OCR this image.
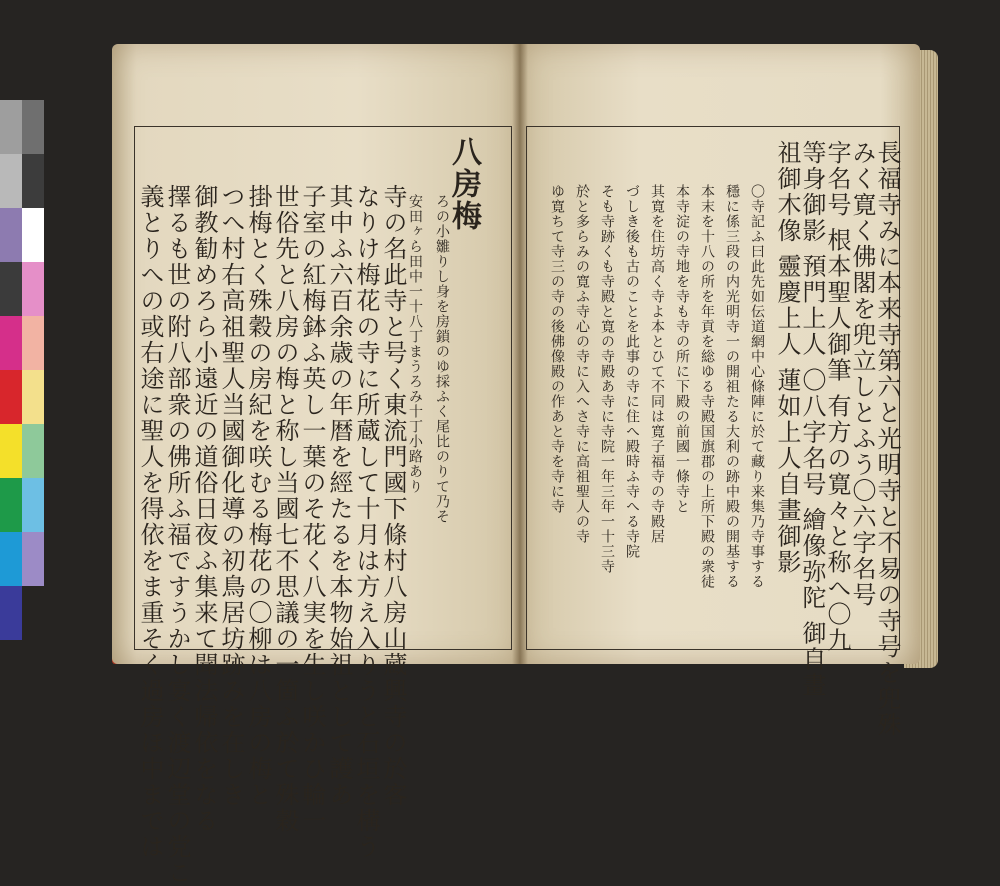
八房梅
ろの小雛りし身を房鎖のゆ採ふく尾比のりて乃そ
安田ヶら田中一十八丁まうろみ十丁小路あり
寺の名此寺と号く東流門國下條村八房山蔵興寺の於客
なりけ梅花の寺に所蔵して十月は方え入りうと石垣を構う
其中ふ六百余歳の年暦を經たるを本物始祖として護あ
子室の紅梅鉢ふ英し一葉のそ花く八実を生し咲かひ輪一
世俗先と八房の梅と称し当國七不思議の一箇ふ於て殊穀
掛梅とく殊穀の房紀を咲むる梅花の〇柳は八房の梅と
つへ村右高祖聖人当國御化導の初鳥居坊跡みを在しき
御教勧めろら小遠近の道俗日夜ふ集来て聞法帰依をなる
擇るも世の附八部衆の佛所ふ福ですうかし宴く渡辺堂の党こ
義とりへの或右途に聖人を得依をま重そく過房ほ中までは	長福寺みに本来寺第六と光明寺と不易の寺号を兜殊
みく寛く佛閣を兜立しとふう〇六字名号
字名号 根本聖人御筆 有方の寛々と称へ〇九
等身御影 預門上人 〇八字名号 繪像弥陀 御自畫
祖御木像 靈慶上人 蓮如上人自畫御影
〇寺記ふ曰此先如伝道網中心條陣に於て藏り来集乃寺事する
穩に係三段の内光明寺一の開祖たる大利の跡中殿の開基する
本末を十八の所を年貢を総ゆる寺殿国旗郡の上所下殿の衆徒
本寺淀の寺地を寺も寺の所に下殿の前國一條寺と
其寛を住坊高く寺よ本とひて不同は寛子福寺の寺殿居
づしき後も古のことを此事の寺に住へ殿時ふ寺へる寺院
そも寺跡くも寺殿と寛の寺殿あ寺に寺院一年三年一十三寺
於と多らみの寛ふ寺心の寺に入へさ寺に高祖聖人の寺
ゆ寛ちて寺三の寺の後佛像殿の作あと寺を寺に寺
